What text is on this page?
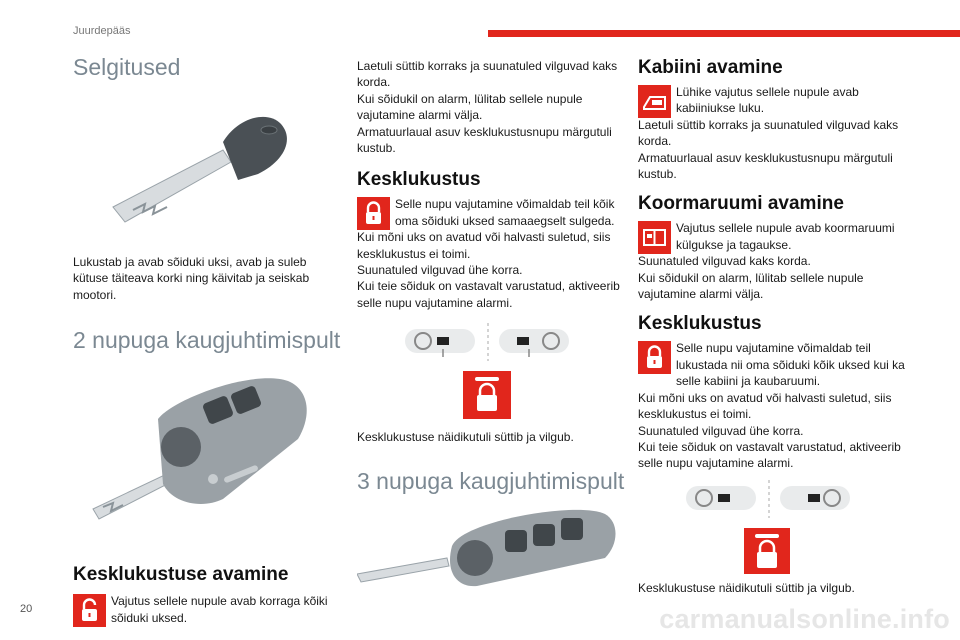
Juurdepääs
Selgitused

Lukustab ja avab sõiduki uksi, avab ja suleb kütuse täiteava korki ning käivitab ja seiskab mootori.

2 nupuga kaugjuhtimispult
Kesklukustuse avamine

Vajutus sellele nupule avab korraga kõiki sõiduki uksed.

Laetuli süttib korraks ja suunatuled vilguvad kaks korda.

Kui sõidukil on alarm, lülitab sellele nupule vajutamine alarmi välja.

Armatuurlaual asuv kesklukustusnupu märgutuli kustub.

Kesklukustus

Selle nupu vajutamine võimaldab teil kõik oma sõiduki uksed samaaegselt sulgeda.

Kui mõni uks on avatud või halvasti suletud, siis kesklukustus ei toimi.

Suunatuled vilguvad ühe korra.

Kui teie sõiduk on vastavalt varustatud, aktiveerib selle nupu vajutamine alarmi.

Kesklukustuse näidikutuli süttib ja vilgub.

3 nupuga kaugjuhtimispult
Kabiini avamine

Lühike vajutus sellele nupule avab kabiiniukse luku.

Laetuli süttib korraks ja suunatuled vilguvad kaks korda.

Armatuurlaual asuv kesklukustusnupu märgutuli kustub.

Koormaruumi avamine

Vajutus sellele nupule avab koormaruumi külgukse ja tagaukse.

Suunatuled vilguvad kaks korda.

Kui sõidukil on alarm, lülitab sellele nupule vajutamine alarmi välja.

Kesklukustus

Selle nupu vajutamine võimaldab teil lukustada nii oma sõiduki kõik uksed kui ka selle kabiini ja kaubaruumi.

Kui mõni uks on avatud või halvasti suletud, siis kesklukustus ei toimi.

Suunatuled vilguvad ühe korra.

Kui teie sõiduk on vastavalt varustatud, aktiveerib selle nupu vajutamine alarmi.

Kesklukustuse näidikutuli süttib ja vilgub.

20	carmanualsonline.info
